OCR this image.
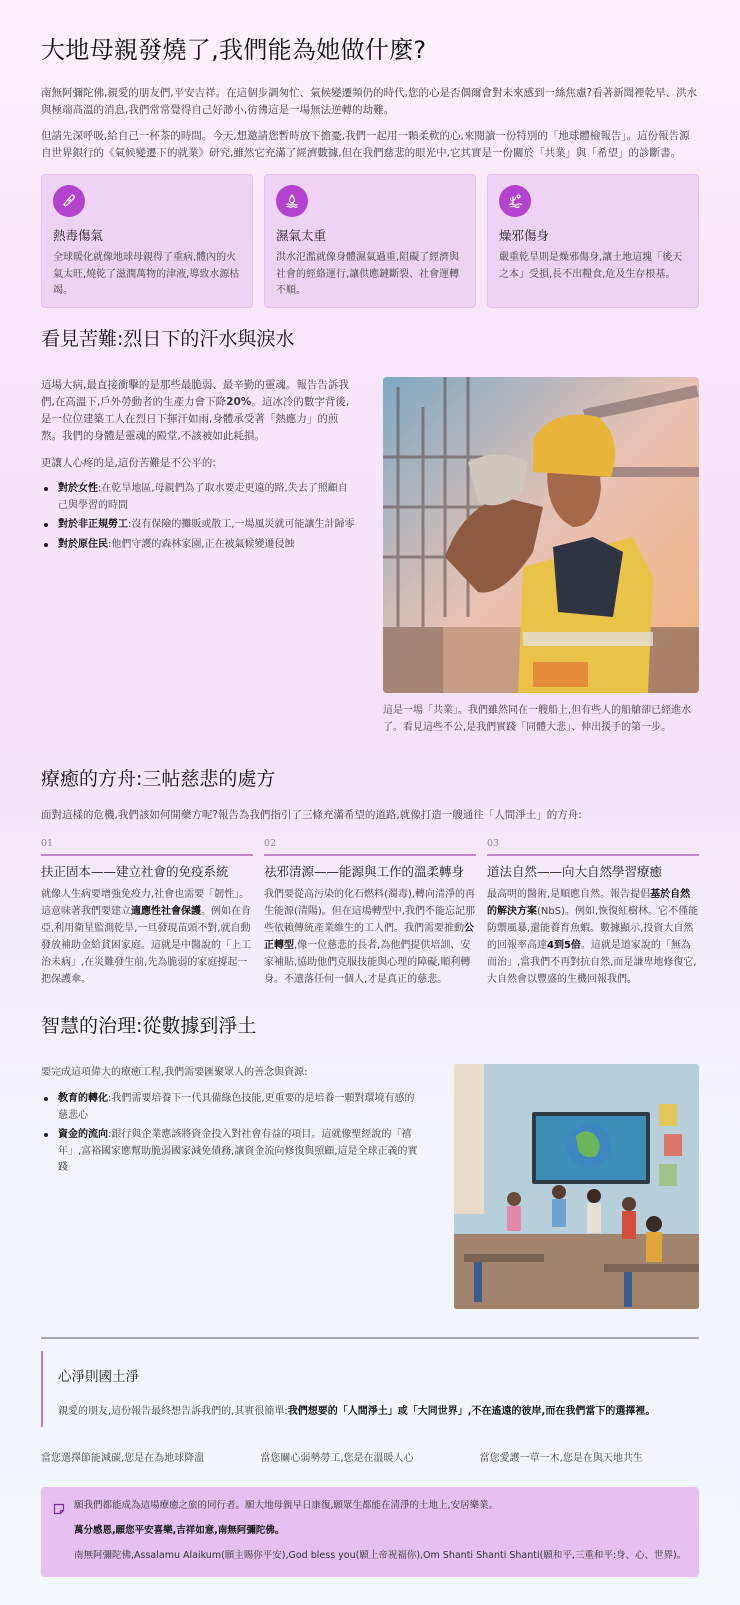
大地母親發燒了,我們能為她做什麼?

南無阿彌陀佛,親愛的朋友們,平安吉祥。在這個步調匆忙、氣候變遷頻仍的時代,您的心是否偶爾會對未來感到一絲焦慮?看著新聞裡乾旱、洪水與極端高溫的消息,我們常常覺得自己好渺小,彷彿這是一場無法逆轉的劫難。

但請先深呼吸,給自己一杯茶的時間。今天,想邀請您暫時放下擔憂,我們一起用一顆柔軟的心,來閱讀一份特別的「地球體檢報告」。這份報告源自世界銀行的《氣候變遷下的就業》研究,雖然它充滿了經濟數據,但在我們慈悲的眼光中,它其實是一份關於「共業」與「希望」的診斷書。

熱毒傷氣
全球暖化就像地球母親得了重病,體內的火氣太旺,燒乾了滋潤萬物的津液,導致水源枯竭。
濕氣太重
洪水氾濫就像身體濕氣過重,阻礙了經濟與社會的經絡運行,讓供應鏈斷裂、社會運轉不順。
燥邪傷身
嚴重乾旱則是燥邪傷身,讓土地這塊「後天之本」受損,長不出糧食,危及生存根基。
看見苦難:烈日下的汗水與淚水

這場大病,最直接衝擊的是那些最脆弱、最辛勤的靈魂。報告告訴我們,在高溫下,戶外勞動者的生產力會下降20%。這冰冷的數字背後,是一位位建築工人在烈日下揮汗如雨,身體承受著「熱應力」的煎熬。我們的身體是靈魂的殿堂,不該被如此耗損。

更讓人心疼的是,這份苦難是不公平的:

對於女性:在乾旱地區,母親們為了取水要走更遠的路,失去了照顧自己與學習的時間
對於非正規勞工:沒有保險的攤販或散工,一場風災就可能讓生計歸零
對於原住民:他們守護的森林家園,正在被氣候變遷侵蝕

這是一場「共業」。我們雖然同在一艘船上,但有些人的船艙卻已經進水了。看見這些不公,是我們實踐「同體大悲」、伸出援手的第一步。

療癒的方舟:三帖慈悲的處方

面對這樣的危機,我們該如何開藥方呢?報告為我們指引了三條充滿希望的道路,就像打造一艘通往「人間淨土」的方舟:

01
扶正固本——建立社會的免疫系統
就像人生病要增強免疫力,社會也需要「韌性」。這意味著我們要建立適應性社會保護。例如在肯亞,利用衛星監測乾旱,一旦發現苗頭不對,就自動發放補助金給貧困家庭。這就是中醫說的「上工治未病」,在災難發生前,先為脆弱的家庭撐起一把保護傘。
02
祛邪清源——能源與工作的溫柔轉身
我們要從高污染的化石燃料(濁毒),轉向清淨的再生能源(清陽)。但在這場轉型中,我們不能忘記那些依賴傳統產業維生的工人們。我們需要推動公正轉型,像一位慈悲的長者,為他們提供培訓、安家補貼,協助他們克服技能與心理的障礙,順利轉身。不遺落任何一個人,才是真正的慈悲。
03
道法自然——向大自然學習療癒
最高明的醫術,是順應自然。報告提倡基於自然的解決方案(NbS)。例如,恢復紅樹林。它不僅能防禦風暴,還能養育魚蝦。數據顯示,投資大自然的回報率高達4到5倍。這就是道家說的「無為而治」,當我們不再對抗自然,而是謙卑地修復它,大自然會以豐盛的生機回報我們。
智慧的治理:從數據到淨土

要完成這項偉大的療癒工程,我們需要匯聚眾人的善念與資源:

教育的轉化:我們需要培養下一代具備綠色技能,更重要的是培養一顆對環境有感的慈悲心
資金的流向:銀行與企業應該將資金投入對社會有益的項目。這就像聖經說的「禧年」,富裕國家應幫助脆弱國家減免債務,讓資金流向修復與照顧,這是全球正義的實踐
心淨則國土淨

親愛的朋友,這份報告最終想告訴我們的,其實很簡單:我們想要的「人間淨土」或「大同世界」,不在遙遠的彼岸,而在我們當下的選擇裡。

當您選擇節能減碳,您是在為地球降溫	當您關心弱勢勞工,您是在溫暖人心	當您愛護一草一木,您是在與天地共生
願我們都能成為這場療癒之旅的同行者。願大地母親早日康復,願眾生都能在清淨的土地上,安居樂業。
萬分感恩,願您平安喜樂,吉祥如意,南無阿彌陀佛。
南無阿彌陀佛,Assalamu Alaikum(願主賜你平安),God bless you(願上帝祝福你),Om Shanti Shanti Shanti(願和平,三重和平:身、心、世界)。
